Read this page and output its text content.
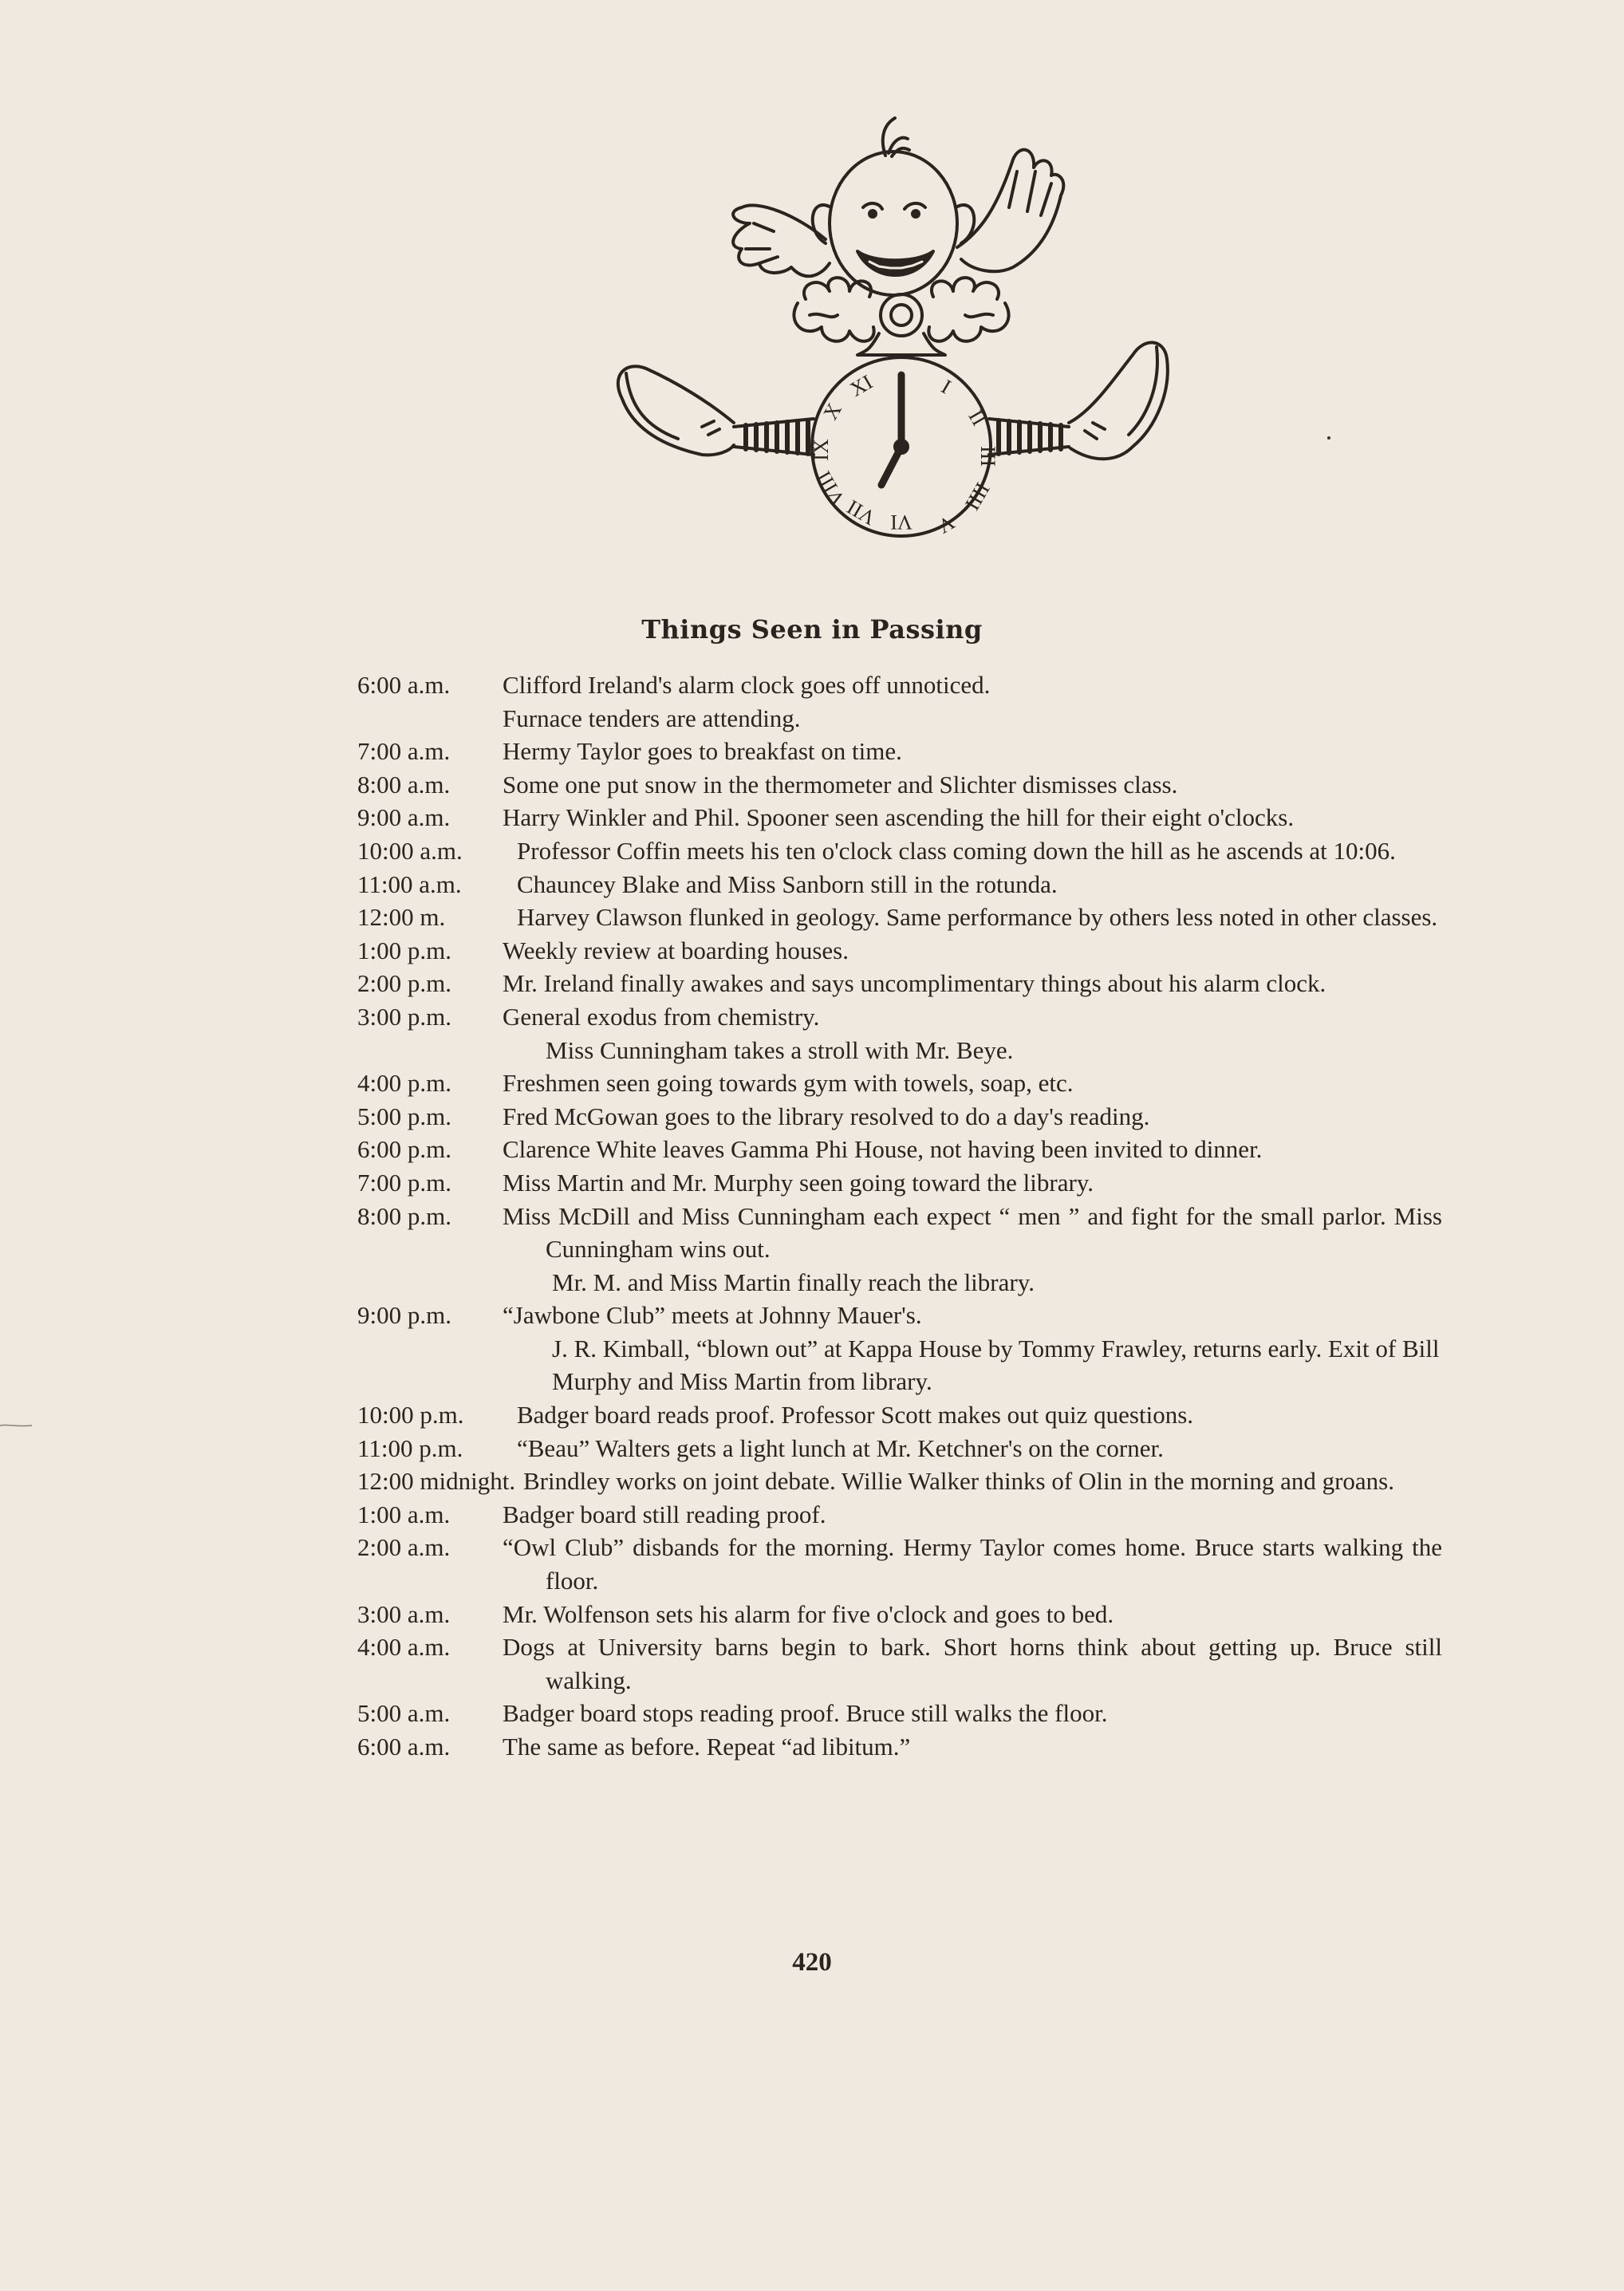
I
II
III
IIII
V
VI
VII
VIII
IX
X
XI
Things Seen in Passing
6:00 a.m. Clifford Ireland's alarm clock goes off unnoticed.
Furnace tenders are attending.
7:00 a.m. Hermy Taylor goes to breakfast on time.
8:00 a.m. Some one put snow in the thermometer and Slichter dismisses class.
9:00 a.m. Harry Winkler and Phil. Spooner seen ascending the hill for their eight o'clocks.
10:00 a.m. Professor Coffin meets his ten o'clock class coming down the hill as he ascends at 10:06.
11:00 a.m. Chauncey Blake and Miss Sanborn still in the rotunda.
12:00 m.	Harvey Clawson flunked in geology. Same performance by others less noted in other classes.
1:00 p.m. Weekly review at boarding houses.
2:00 p.m. Mr. Ireland finally awakes and says uncomplimentary things about his alarm clock.
3:00 p.m. General exodus from chemistry.
Miss Cunningham takes a stroll with Mr. Beye.
4:00 p.m. Freshmen seen going towards gym with towels, soap, etc.
5:00 p.m. Fred McGowan goes to the library resolved to do a day's reading.
6:00 p.m. Clarence White leaves Gamma Phi House, not having been invited to dinner.
7:00 p.m. Miss Martin and Mr. Murphy seen going toward the library.
8:00 p.m. Miss McDill and Miss Cunningham each expect “ men ” and fight for the small parlor. Miss Cunningham wins out.
Mr. M. and Miss Martin finally reach the library.
9:00 p.m. “Jawbone Club” meets at Johnny Mauer's.
J. R. Kimball, “blown out” at Kappa House by Tommy Frawley, returns early. Exit of Bill Murphy and Miss Martin from library.
10:00 p.m. Badger board reads proof. Professor Scott makes out quiz questions.
11:00 p.m. “Beau” Walters gets a light lunch at Mr. Ketchner's on the corner.
12:00 midnight. Brindley works on joint debate. Willie Walker thinks of Olin in the morning and groans.
1:00 a.m. Badger board still reading proof.
2:00 a.m. “Owl Club” disbands for the morning. Hermy Taylor comes home. Bruce starts walking the floor.
3:00 a.m. Mr. Wolfenson sets his alarm for five o'clock and goes to bed.
4:00 a.m. Dogs at University barns begin to bark. Short horns think about getting up. Bruce still walking.
5:00 a.m. Badger board stops reading proof. Bruce still walks the floor.
6:00 a.m. The same as before. Repeat “ad libitum.”
420
